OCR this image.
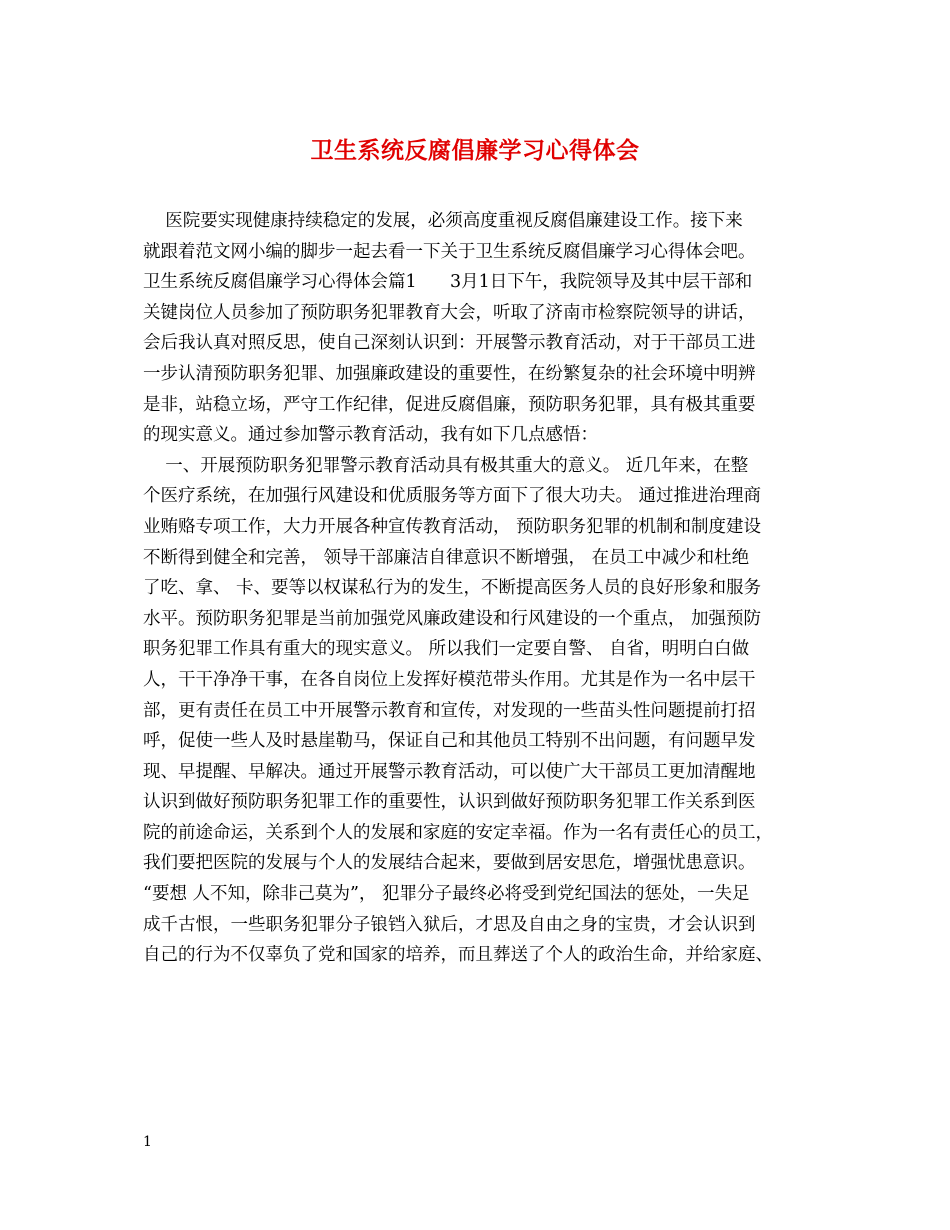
卫生系统反腐倡廉学习心得体会
医院要实现健康持续稳定的发展，必须高度重视反腐倡廉建设工作。接下来
就跟着范文网小编的脚步一起去看一下关于卫生系统反腐倡廉学习心得体会吧。
卫生系统反腐倡廉学习心得体会篇1      3月1日下午，我院领导及其中层干部和
关键岗位人员参加了预防职务犯罪教育大会，听取了济南市检察院领导的讲话，
会后我认真对照反思，使自己深刻认识到：开展警示教育活动，对于干部员工进
一步认清预防职务犯罪、加强廉政建设的重要性，在纷繁复杂的社会环境中明辨
是非，站稳立场，严守工作纪律，促进反腐倡廉，预防职务犯罪，具有极其重要
的现实意义。通过参加警示教育活动，我有如下几点感悟：
一、开展预防职务犯罪警示教育活动具有极其重大的意义。 近几年来，在整
个医疗系统，在加强行风建设和优质服务等方面下了很大功夫。 通过推进治理商
业贿赂专项工作，大力开展各种宣传教育活动， 预防职务犯罪的机制和制度建设
不断得到健全和完善， 领导干部廉洁自律意识不断增强， 在员工中减少和杜绝
了吃、拿、 卡、要等以权谋私行为的发生，不断提高医务人员的良好形象和服务
水平。预防职务犯罪是当前加强党风廉政建设和行风建设的一个重点， 加强预防
职务犯罪工作具有重大的现实意义。 所以我们一定要自警、 自省，明明白白做
人，干干净净干事，在各自岗位上发挥好模范带头作用。尤其是作为一名中层干
部，更有责任在员工中开展警示教育和宣传，对发现的一些苗头性问题提前打招
呼，促使一些人及时悬崖勒马，保证自己和其他员工特别不出问题，有问题早发
现、早提醒、早解决。通过开展警示教育活动，可以使广大干部员工更加清醒地
认识到做好预防职务犯罪工作的重要性，认识到做好预防职务犯罪工作关系到医
院的前途命运，关系到个人的发展和家庭的安定幸福。作为一名有责任心的员工，
我们要把医院的发展与个人的发展结合起来，要做到居安思危，增强忧患意识。
“要想 人不知，除非己莫为”， 犯罪分子最终必将受到党纪国法的惩处，一失足
成千古恨，一些职务犯罪分子锒铛入狱后，才思及自由之身的宝贵，才会认识到
自己的行为不仅辜负了党和国家的培养，而且葬送了个人的政治生命，并给家庭、
1
